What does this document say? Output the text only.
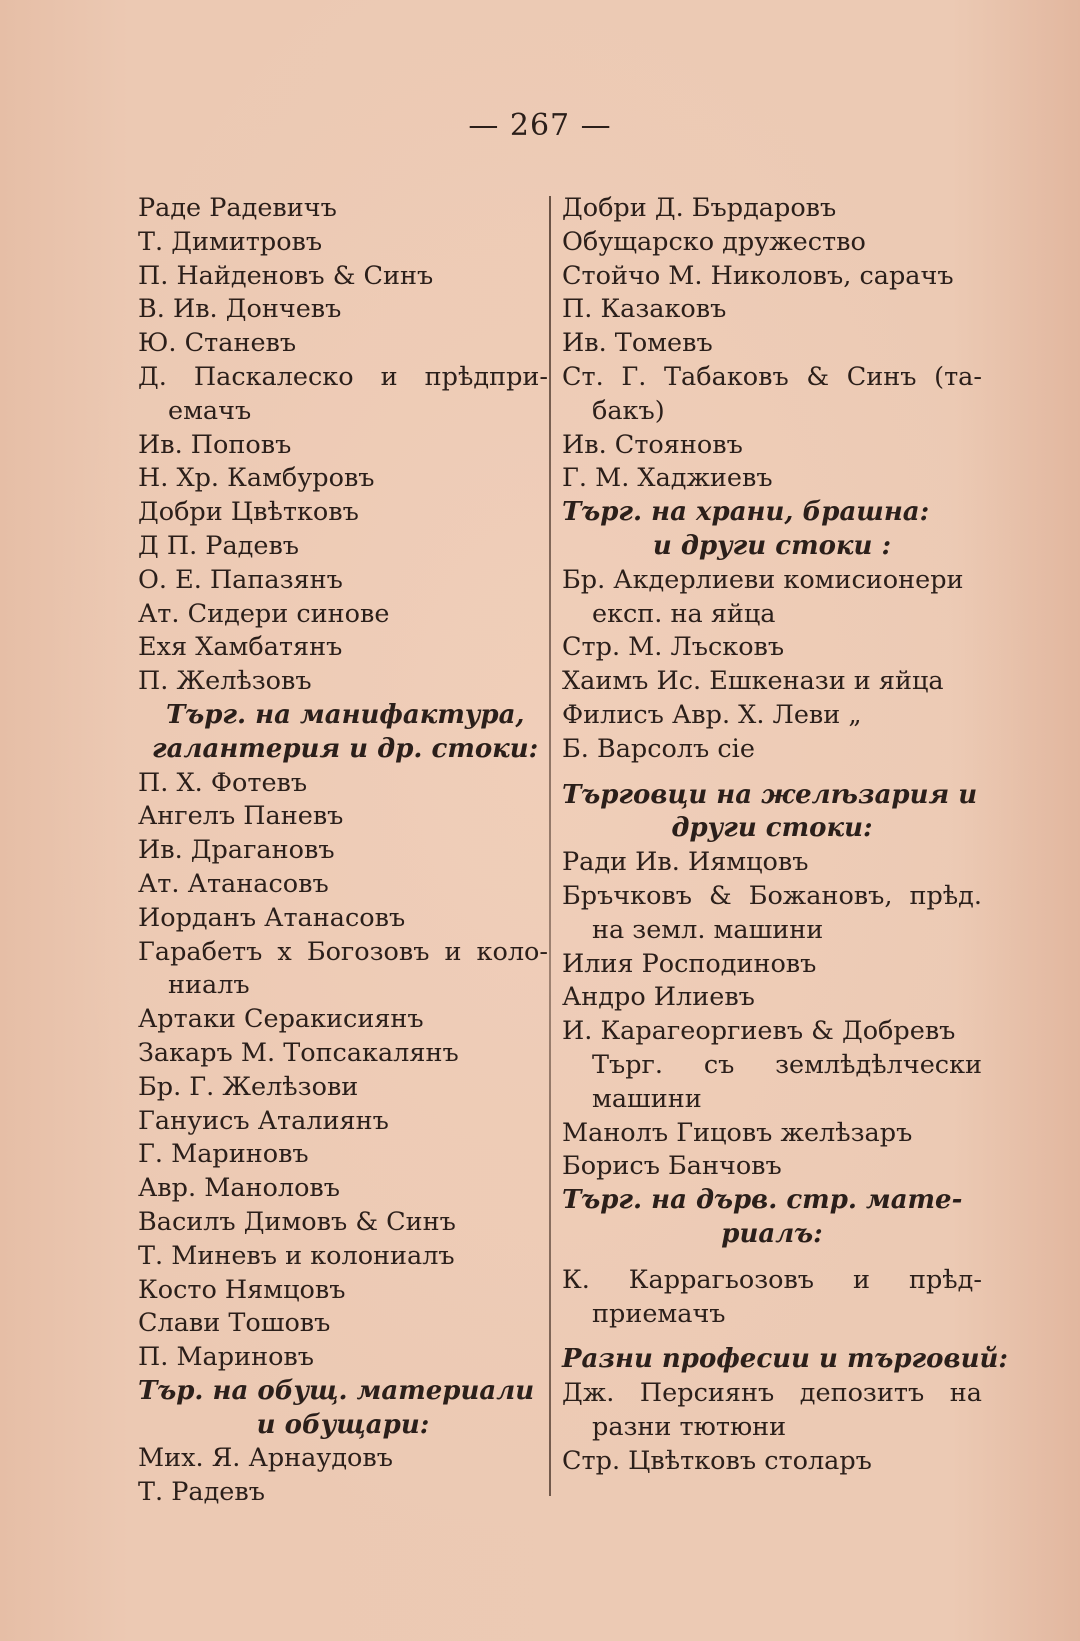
— 267 —
Раде Радевичъ
Т. Димитровъ
П. Найденовъ & Синъ
В. Ив. Дончевъ
Ю. Станевъ
Д. Паскалеско и прѣдпри-
емачъ
Ив. Поповъ
Н. Хр. Камбуровъ
Добри Цвѣтковъ
Д П. Радевъ
О. Е. Папазянъ
Ат. Сидери синове
Ехя Хамбатянъ
П. Желѣзовъ
Търг. на манифактура,
галантерия и др. стоки:
П. Х. Фотевъ
Ангелъ Паневъ
Ив. Драгановъ
Ат. Атанасовъ
Иорданъ Атанасовъ
Гарабетъ х Богозовъ и коло-
ниалъ
Артаки Серакисиянъ
Закаръ М. Топсакалянъ
Бр. Г. Желѣзови
Гануисъ Аталиянъ
Г. Мариновъ
Авр. Маноловъ
Василъ Димовъ & Синъ
Т. Миневъ и колониалъ
Косто Нямцовъ
Слави Тошовъ
П. Мариновъ
Тър. на обущ. материали
и обущари:
Мих. Я. Арнаудовъ
Т. Радевъ
Добри Д. Бърдаровъ
Обущарско дружество
Стойчо М. Николовъ, сарачъ
П. Казаковъ
Ив. Томевъ
Ст. Г. Табаковъ & Синъ (та-
бакъ)
Ив. Стояновъ
Г. М. Хаджиевъ
Търг. на храни, брашна:
и други стоки :
Бр. Акдерлиеви комисионери
експ. на яйца
Стр. М. Лъсковъ
Хаимъ Ис. Ешкенази и яйца
Филисъ Авр. Х. Леви „
Б. Варсолъ сiе
Търговци на желѣзария и
други стоки:
Ради Ив. Иямцовъ
Бръчковъ & Божановъ, прѣд.
на земл. машини
Илия Росподиновъ
Андро Илиевъ
И. Карагеоргиевъ & Добревъ
Търг. съ землѣдѣлчески
машини
Манолъ Гицовъ желѣзаръ
Борисъ Банчовъ
Търг. на дърв. стр. мате-
риалъ:
К. Каррагьозовъ и прѣд-
приемачъ
Разни професии и търговий:
Дж. Персиянъ депозитъ на
разни тютюни
Стр. Цвѣтковъ столаръ
